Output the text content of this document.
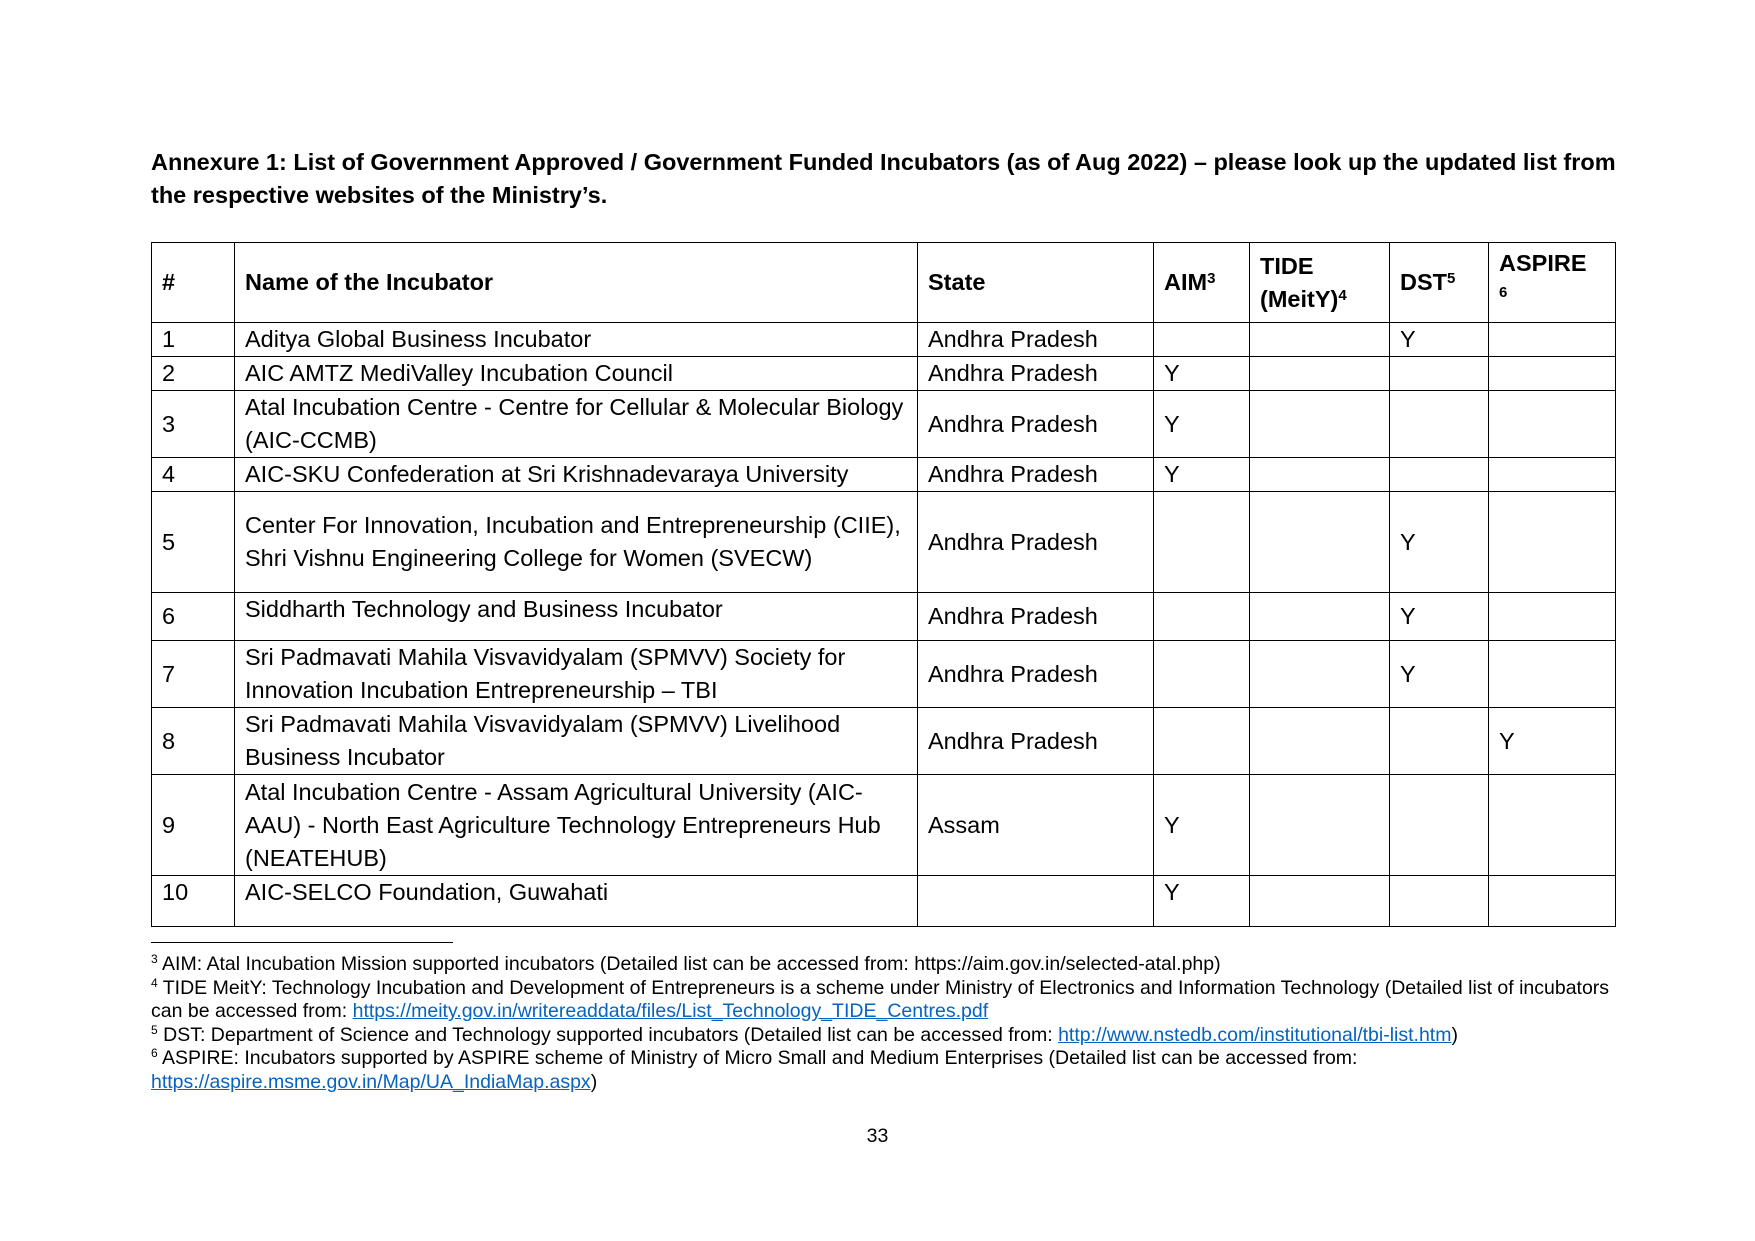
Annexure 1: List of Government Approved / Government Funded Incubators (as of Aug 2022) – please look up the updated list from the respective websites of the Ministry’s.

#	Name of the Incubator	State	AIM$^3$	TIDE (MeitY)$^4$	DST$^5$	ASPIRE
$^6$
1	Aditya Global Business Incubator	Andhra Pradesh			Y	
2	AIC AMTZ MediValley Incubation Council	Andhra Pradesh	Y			
3	Atal Incubation Centre - Centre for Cellular & Molecular Biology (AIC-CCMB)	Andhra Pradesh	Y			
4	AIC-SKU Confederation at Sri Krishnadevaraya University	Andhra Pradesh	Y			
5	Center For Innovation, Incubation and Entrepreneurship (CIIE), Shri Vishnu Engineering College for Women (SVECW)	Andhra Pradesh			Y	
6	Siddharth Technology and Business Incubator	Andhra Pradesh			Y	
7	Sri Padmavati Mahila Visvavidyalam (SPMVV) Society for Innovation Incubation Entrepreneurship – TBI	Andhra Pradesh			Y	
8	Sri Padmavati Mahila Visvavidyalam (SPMVV) Livelihood Business Incubator	Andhra Pradesh				Y
9	Atal Incubation Centre - Assam Agricultural University (AIC-AAU) - North East Agriculture Technology Entrepreneurs Hub (NEATEHUB)	Assam	Y			
10	AIC-SELCO Foundation, Guwahati		Y			

$^3$ AIM: Atal Incubation Mission supported incubators (Detailed list can be accessed from: https://aim.gov.in/selected-atal.php)

$^4$ TIDE MeitY: Technology Incubation and Development of Entrepreneurs is a scheme under Ministry of Electronics and Information Technology (Detailed list of incubators can be accessed from: https://meity.gov.in/writereaddata/files/List_Technology_TIDE_Centres.pdf

$^5$ DST: Department of Science and Technology supported incubators (Detailed list can be accessed from: http://www.nstedb.com/institutional/tbi-list.htm)

$^6$ ASPIRE: Incubators supported by ASPIRE scheme of Ministry of Micro Small and Medium Enterprises (Detailed list can be accessed from: https://aspire.msme.gov.in/Map/UA_IndiaMap.aspx)

33
